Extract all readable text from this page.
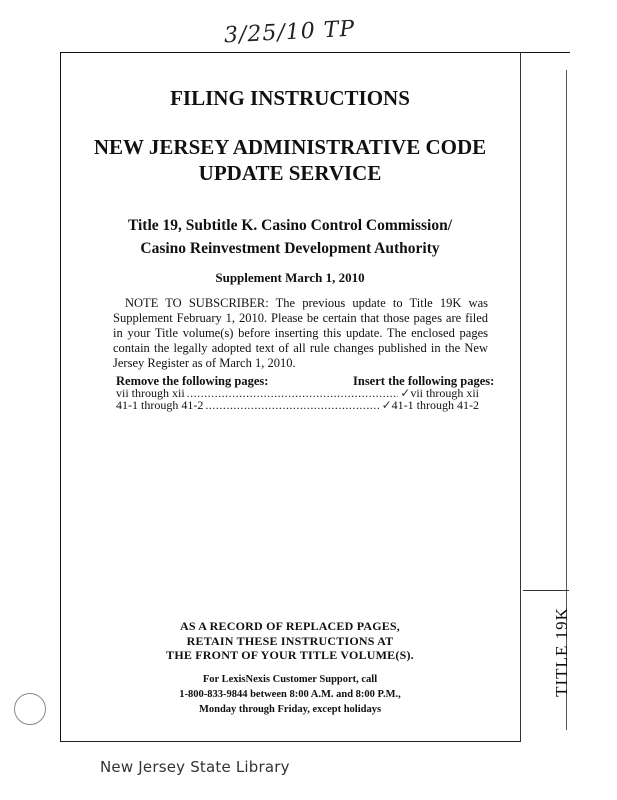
3/25/10 TP
FILING INSTRUCTIONS
NEW JERSEY ADMINISTRATIVE CODE
UPDATE SERVICE
Title 19, Subtitle K. Casino Control Commission/
Casino Reinvestment Development Authority
Supplement March 1, 2010
NOTE TO SUBSCRIBER: The previous update to Title 19K was Supplement February 1, 2010. Please be certain that those pages are filed in your Title volume(s) before inserting this update. The enclosed pages contain the legally adopted text of all rule changes published in the New Jersey Register as of March 1, 2010.
Remove the following pages:	Insert the following pages:
vii through xii .....	✓ vii through xii
41-1 through 41-2 .....	✓ 41-1 through 41-2
AS A RECORD OF REPLACED PAGES,
RETAIN THESE INSTRUCTIONS AT
THE FRONT OF YOUR TITLE VOLUME(S).
For LexisNexis Customer Support, call
1-800-833-9844 between 8:00 A.M. and 8:00 P.M.,
Monday through Friday, except holidays
TITLE 19K
New Jersey State Library
